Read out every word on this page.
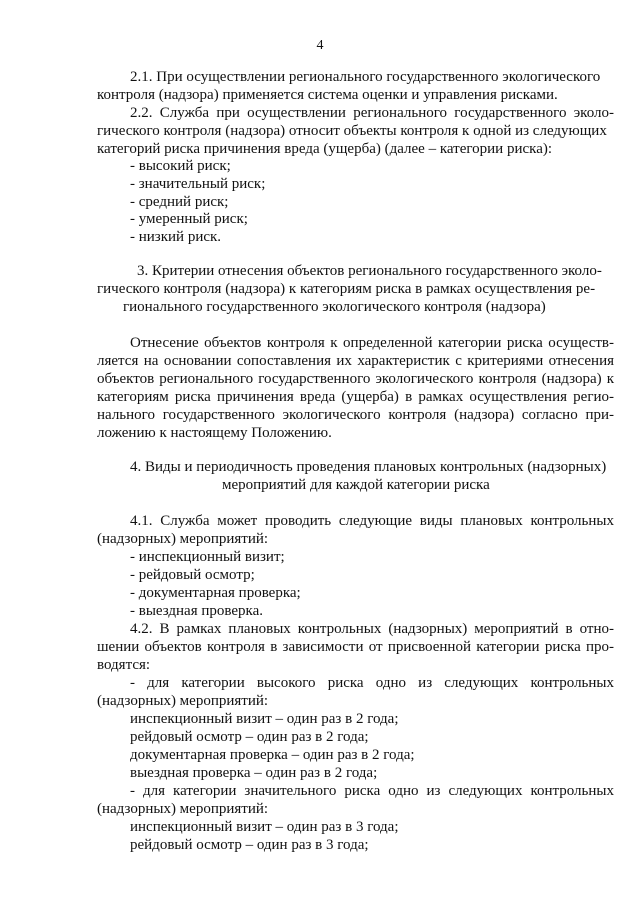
4
2.1. При осуществлении регионального государственного экологического
контроля (надзора) применяется система оценки и управления рисками.
2.2. Служба при осуществлении регионального государственного эколо-
гического контроля (надзора) относит объекты контроля к одной из следующих
категорий риска причинения вреда (ущерба) (далее – категории риска):
- высокий риск;
- значительный риск;
- средний риск;
- умеренный риск;
- низкий риск.
3. Критерии отнесения объектов регионального государственного эколо-
гического контроля (надзора) к категориям риска в рамках осуществления ре-
гионального государственного экологического контроля (надзора)
Отнесение объектов контроля к определенной категории риска осуществ-
ляется на основании сопоставления их характеристик с критериями отнесения
объектов регионального государственного экологического контроля (надзора) к
категориям риска причинения вреда (ущерба) в рамках осуществления регио-
нального государственного экологического контроля (надзора) согласно при-
ложению к настоящему Положению.
4. Виды и периодичность проведения плановых контрольных (надзорных)
мероприятий для каждой категории риска
4.1. Служба может проводить следующие виды плановых контрольных
(надзорных) мероприятий:
- инспекционный визит;
- рейдовый осмотр;
- документарная проверка;
- выездная проверка.
4.2. В рамках плановых контрольных (надзорных) мероприятий в отно-
шении объектов контроля в зависимости от присвоенной категории риска про-
водятся:
- для категории высокого риска одно из следующих контрольных
(надзорных) мероприятий:
инспекционный визит – один раз в 2 года;
рейдовый осмотр – один раз в 2 года;
документарная проверка – один раз в 2 года;
выездная проверка – один раз в 2 года;
- для категории значительного риска одно из следующих контрольных
(надзорных) мероприятий:
инспекционный визит – один раз в 3 года;
рейдовый осмотр – один раз в 3 года;
